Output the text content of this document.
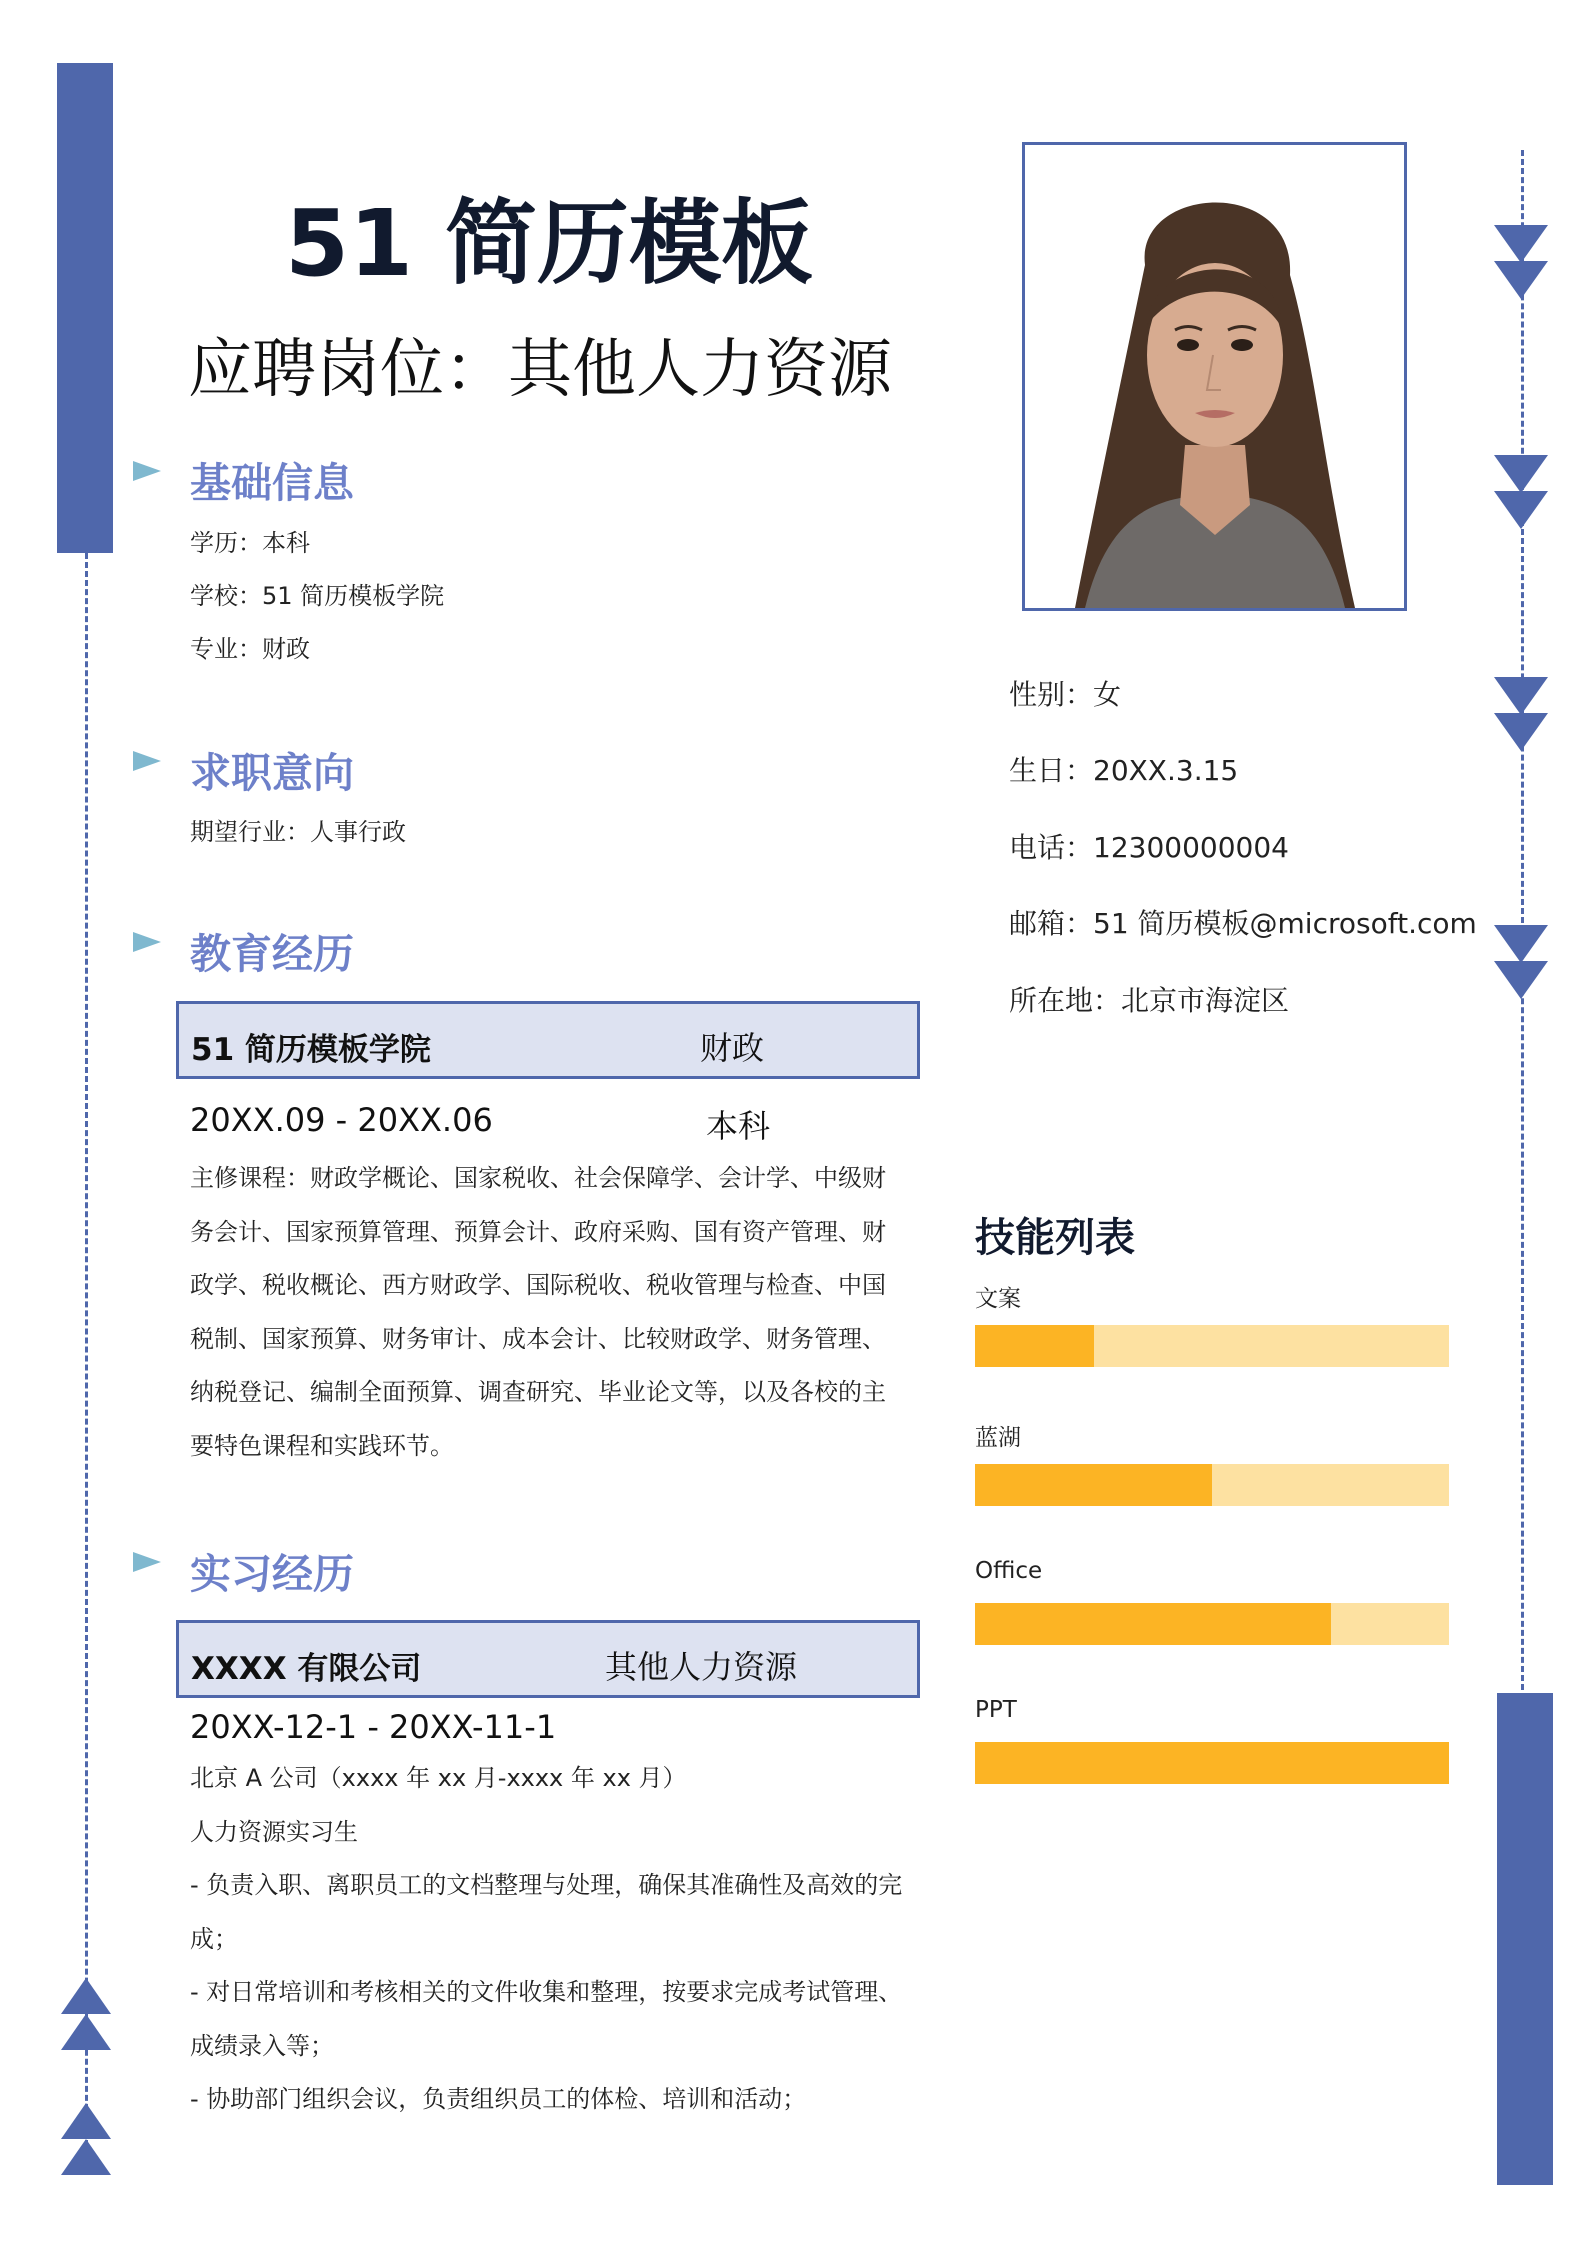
51 简历模板
应聘岗位：其他人力资源
基础信息
学历：本科
学校：51 简历模板学院
专业：财政
求职意向
期望行业：人事行政
教育经历
51 简历模板学院	财政
20XX.09 - 20XX.06	本科
主修课程：财政学概论、国家税收、社会保障学、会计学、中级财务会计、国家预算管理、预算会计、政府采购、国有资产管理、财政学、税收概论、西方财政学、国际税收、税收管理与检查、中国税制、国家预算、财务审计、成本会计、比较财政学、财务管理、纳税登记、编制全面预算、调查研究、毕业论文等，以及各校的主要特色课程和实践环节。
实习经历
XXXX 有限公司	其他人力资源
20XX-12-1 - 20XX-11-1
北京 A 公司（xxxx 年 xx 月-xxxx 年 xx 月）
人力资源实习生
- 负责入职、离职员工的文档整理与处理，确保其准确性及高效的完成；
- 对日常培训和考核相关的文件收集和整理，按要求完成考试管理、成绩录入等；
- 协助部门组织会议，负责组织员工的体检、培训和活动；
性别：女
生日：20XX.3.15
电话：12300000004
邮箱：51 简历模板@microsoft.com
所在地：北京市海淀区
技能列表
文案
蓝湖
Office
PPT
